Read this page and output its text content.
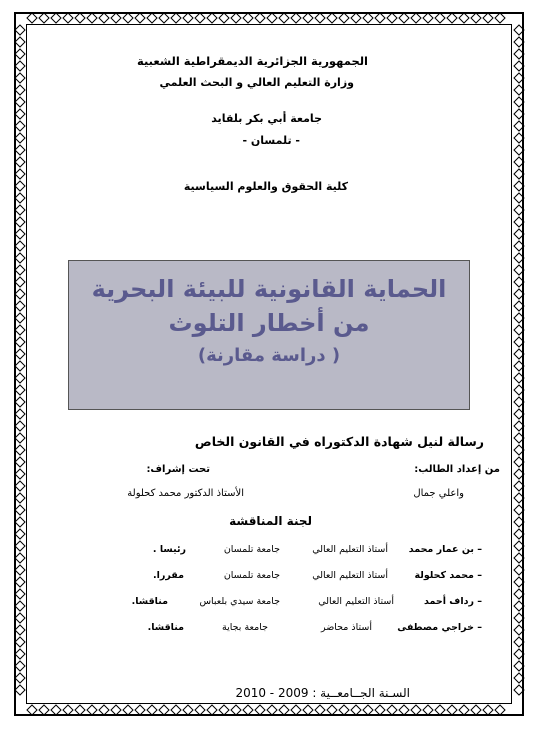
الجمهورية الجزائرية الديمقراطية الشعبية
وزارة التعليم العالي و البحث العلمي
جامعة أبي بكر بلقايد
- تلمسان -
كلية الحقوق والعلوم السياسية
الحماية القانونية للبيئة البحرية
من أخطار التلوث
( دراسة مقارنة)
رسالة لنيل شهادة الدكتوراه في القانون الخاص
من إعداد الطالب:
واعلي جمال
تحت إشراف:
الأستاذ الدكتور محمد كحلولة
لجنة المناقشة
– بن عمار محمد
أستاذ التعليم العالي
جامعة تلمسان
رئيسا .
– محمد كحلولة
أستاذ التعليم العالي
جامعة تلمسان
مقررا.
– رداف أحمد
أستاذ التعليم العالي
جامعة سيدي بلعباس
مناقشا.
– خراجي مصطفى
أستاذ محاضر
جامعة بجاية
مناقشا.
السـنة الجــامعــية : 2009 - 2010
